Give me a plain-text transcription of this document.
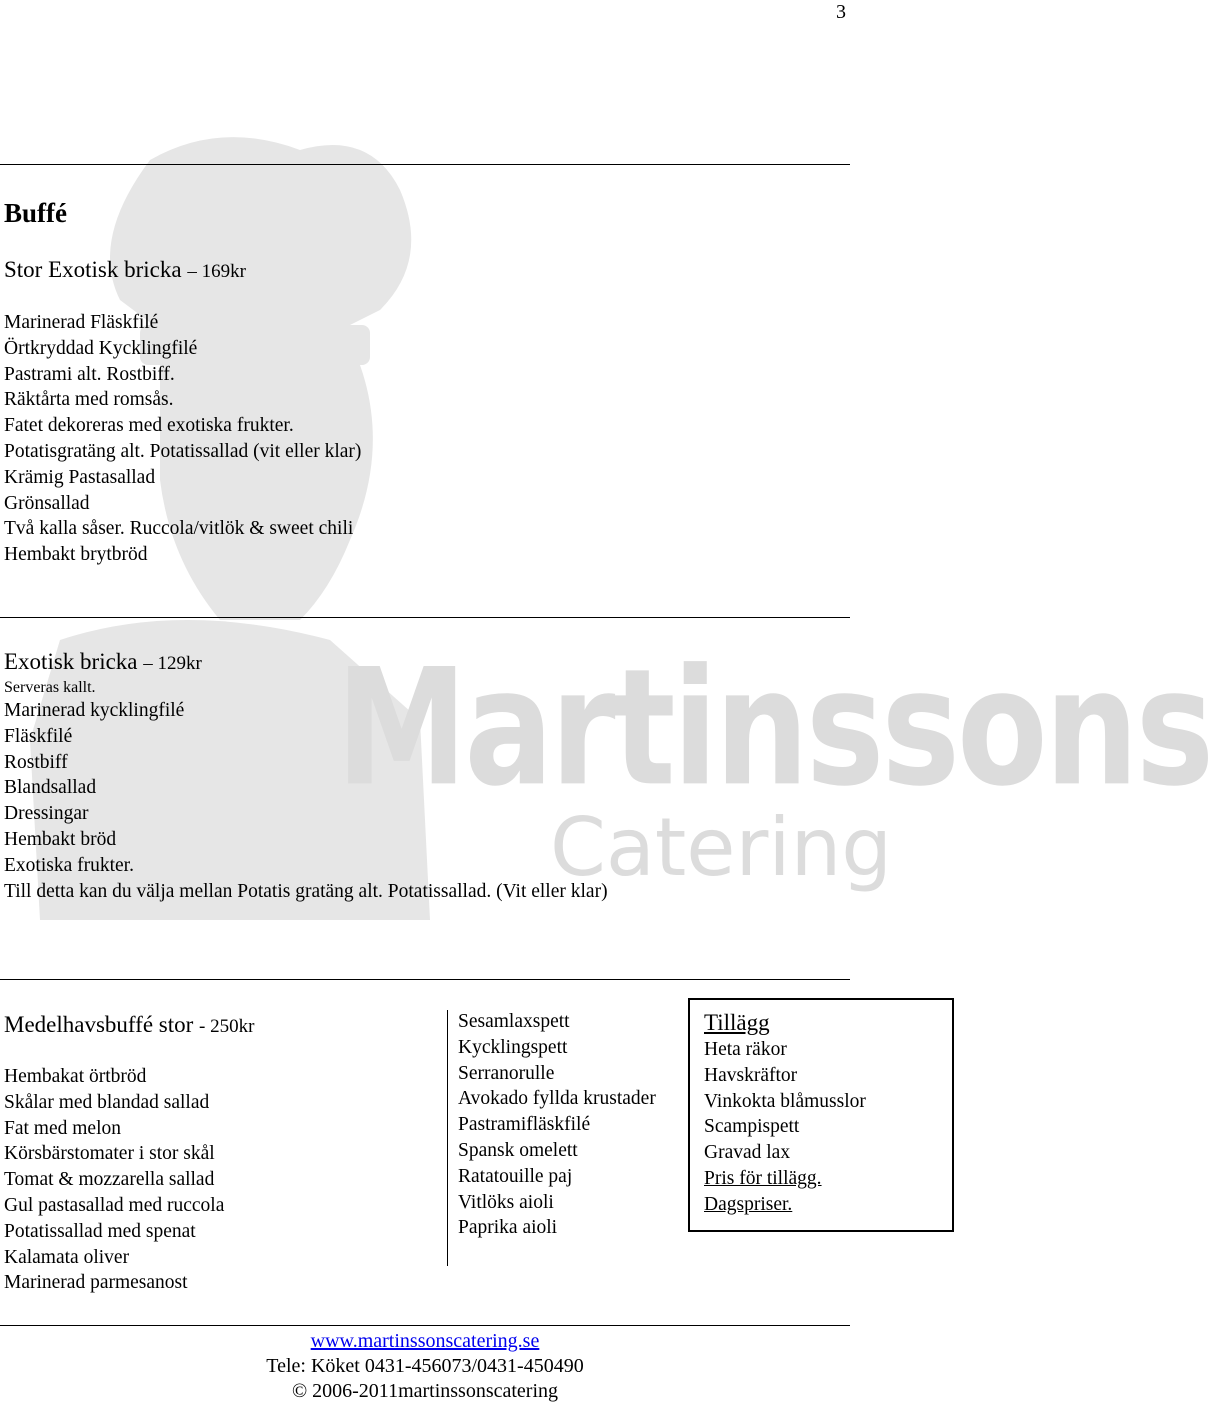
Martinssons
Catering
3
Buffé
Stor Exotisk bricka – 169kr
Marinerad Fläskfilé
Örtkryddad Kycklingfilé
Pastrami alt. Rostbiff.
Räktårta med romsås.
Fatet dekoreras med exotiska frukter.
Potatisgratäng alt. Potatissallad (vit eller klar)
Krämig Pastasallad
Grönsallad
Två kalla såser. Ruccola/vitlök & sweet chili
Hembakt brytbröd
Exotisk bricka – 129kr
Serveras kallt.
Marinerad kycklingfilé
Fläskfilé
Rostbiff
Blandsallad
Dressingar
Hembakt bröd
Exotiska frukter.
Till detta kan du välja mellan Potatis gratäng alt. Potatissallad. (Vit eller klar)
Medelhavsbuffé stor - 250kr
Hembakat örtbröd
Skålar med blandad sallad
Fat med melon
Körsbärstomater i stor skål
Tomat & mozzarella sallad
Gul pastasallad med ruccola
Potatissallad med spenat
Kalamata oliver
Marinerad parmesanost
Sesamlaxspett
Kycklingspett
Serranorulle
Avokado fyllda krustader
Pastramifläskfilé
Spansk omelett
Ratatouille paj
Vitlöks aioli
Paprika aioli
Tillägg
Heta räkor
Havskräftor
Vinkokta blåmusslor
Scampispett
Gravad lax
Pris för tillägg.
Dagspriser.
www.martinssonscatering.se
Tele: Köket 0431-456073/0431-450490
© 2006-2011martinssonscatering
